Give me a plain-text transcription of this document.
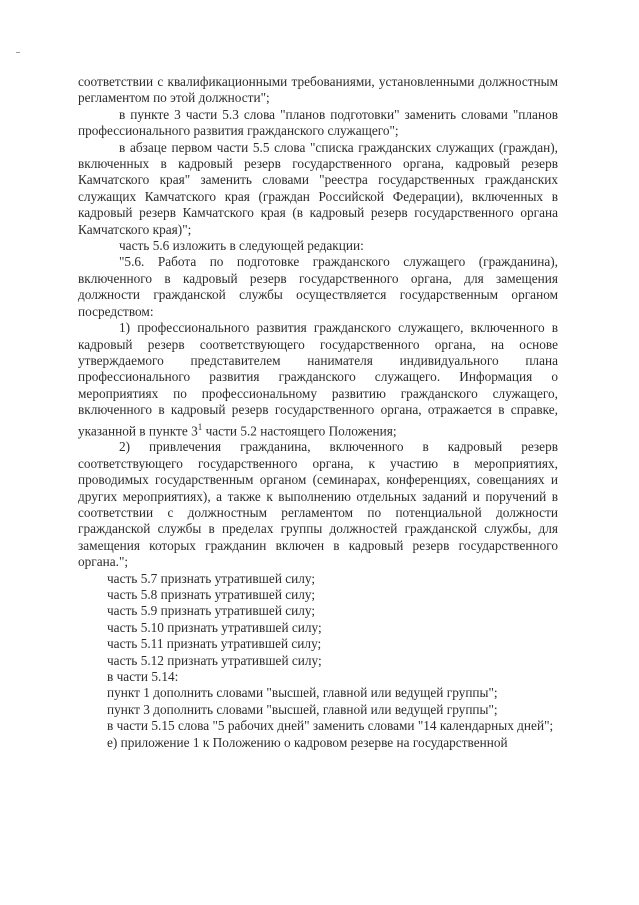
соответствии с квалификационными требованиями, установленными должностным регламентом по этой должности";

в пункте 3 части 5.3 слова "планов подготовки" заменить словами "планов профессионального развития гражданского служащего";

в абзаце первом части 5.5 слова "списка гражданских служащих (граждан), включенных в кадровый резерв государственного органа, кадровый резерв Камчатского края" заменить словами "реестра государственных гражданских служащих Камчатского края (граждан Российской Федерации), включенных в кадровый резерв Камчатского края (в кадровый резерв государственного органа Камчатского края)";

часть 5.6 изложить в следующей редакции:

"5.6. Работа по подготовке гражданского служащего (гражданина), включенного в кадровый резерв государственного органа, для замещения должности гражданской службы осуществляется государственным органом посредством:

1) профессионального развития гражданского служащего, включенного в кадровый резерв соответствующего государственного органа, на основе утверждаемого представителем нанимателя индивидуального плана профессионального развития гражданского служащего. Информация о мероприятиях по профессиональному развитию гражданского служащего, включенного в кадровый резерв государственного органа, отражается в справке, указанной в пункте $3^1$ части 5.2 настоящего Положения;

2) привлечения гражданина, включенного в кадровый резерв соответствующего государственного органа, к участию в мероприятиях, проводимых государственным органом (семинарах, конференциях, совещаниях и других мероприятиях), а также к выполнению отдельных заданий и поручений в соответствии с должностным регламентом по потенциальной должности гражданской службы в пределах группы должностей гражданской службы, для замещения которых гражданин включен в кадровый резерв государственного органа.";

часть 5.7 признать утратившей силу;

часть 5.8 признать утратившей силу;

часть 5.9 признать утратившей силу;

часть 5.10 признать утратившей силу;

часть 5.11 признать утратившей силу;

часть 5.12 признать утратившей силу;

в части 5.14:

пункт 1 дополнить словами "высшей, главной или ведущей группы";

пункт 3 дополнить словами "высшей, главной или ведущей группы";

в части 5.15 слова "5 рабочих дней" заменить словами "14 календарных дней";

е) приложение 1 к Положению о кадровом резерве на государственной
